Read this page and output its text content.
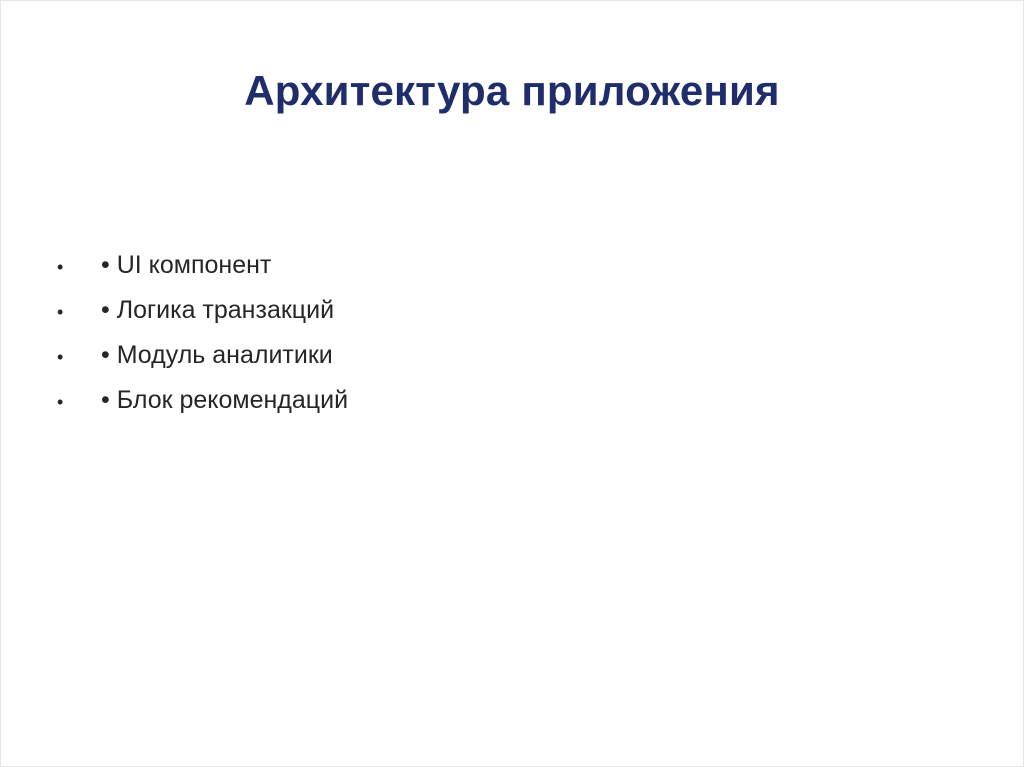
Архитектура приложения
•	• UI компонент
•	• Логика транзакций
•	• Модуль аналитики
•	• Блок рекомендаций
